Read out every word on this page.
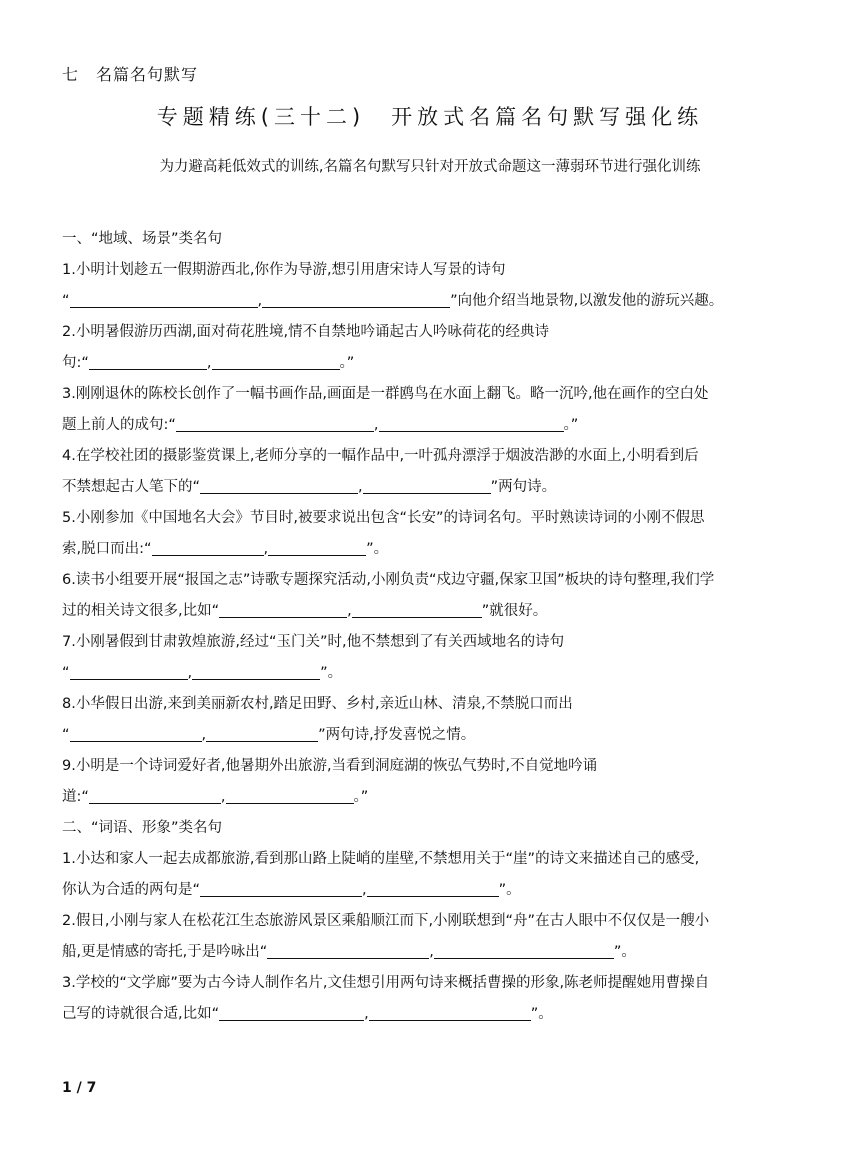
七　名篇名句默写
专题精练(三十二)　开放式名篇名句默写强化练
为力避高耗低效式的训练,名篇名句默写只针对开放式命题这一薄弱环节进行强化训练

一、“地域、场景”类名句

1.小明计划趁五一假期游西北,你作为导游,想引用唐宋诗人写景的诗句
“	,	”向他介绍当地景物,以激发他的游玩兴趣。
2.小明暑假游历西湖,面对荷花胜境,情不自禁地吟诵起古人吟咏荷花的经典诗
句:“	,	。”
3.刚刚退休的陈校长创作了一幅书画作品,画面是一群鸥鸟在水面上翻飞。略一沉吟,他在画作的空白处
题上前人的成句:“	,	。”
4.在学校社团的摄影鉴赏课上,老师分享的一幅作品中,一叶孤舟漂浮于烟波浩渺的水面上,小明看到后
不禁想起古人笔下的“	,	”两句诗。
5.小刚参加《中国地名大会》节目时,被要求说出包含“长安”的诗词名句。平时熟读诗词的小刚不假思
索,脱口而出:“	,	”。
6.读书小组要开展“报国之志”诗歌专题探究活动,小刚负责“戍边守疆,保家卫国”板块的诗句整理,我们学
过的相关诗文很多,比如“	,	”就很好。
7.小刚暑假到甘肃敦煌旅游,经过“玉门关”时,他不禁想到了有关西域地名的诗句
“	,	”。
8.小华假日出游,来到美丽新农村,踏足田野、乡村,亲近山林、清泉,不禁脱口而出
“	,	”两句诗,抒发喜悦之情。
9.小明是一个诗词爱好者,他暑期外出旅游,当看到洞庭湖的恢弘气势时,不自觉地吟诵
道:“	,	。”

二、“词语、形象”类名句

1.小达和家人一起去成都旅游,看到那山路上陡峭的崖壁,不禁想用关于“崖”的诗文来描述自己的感受,
你认为合适的两句是“	,	”。
2.假日,小刚与家人在松花江生态旅游风景区乘船顺江而下,小刚联想到“舟”在古人眼中不仅仅是一艘小
船,更是情感的寄托,于是吟咏出“	,	”。
3.学校的“文学廊”要为古今诗人制作名片,文佳想引用两句诗来概括曹操的形象,陈老师提醒她用曹操自
己写的诗就很合适,比如“	,	”。
1 / 7
